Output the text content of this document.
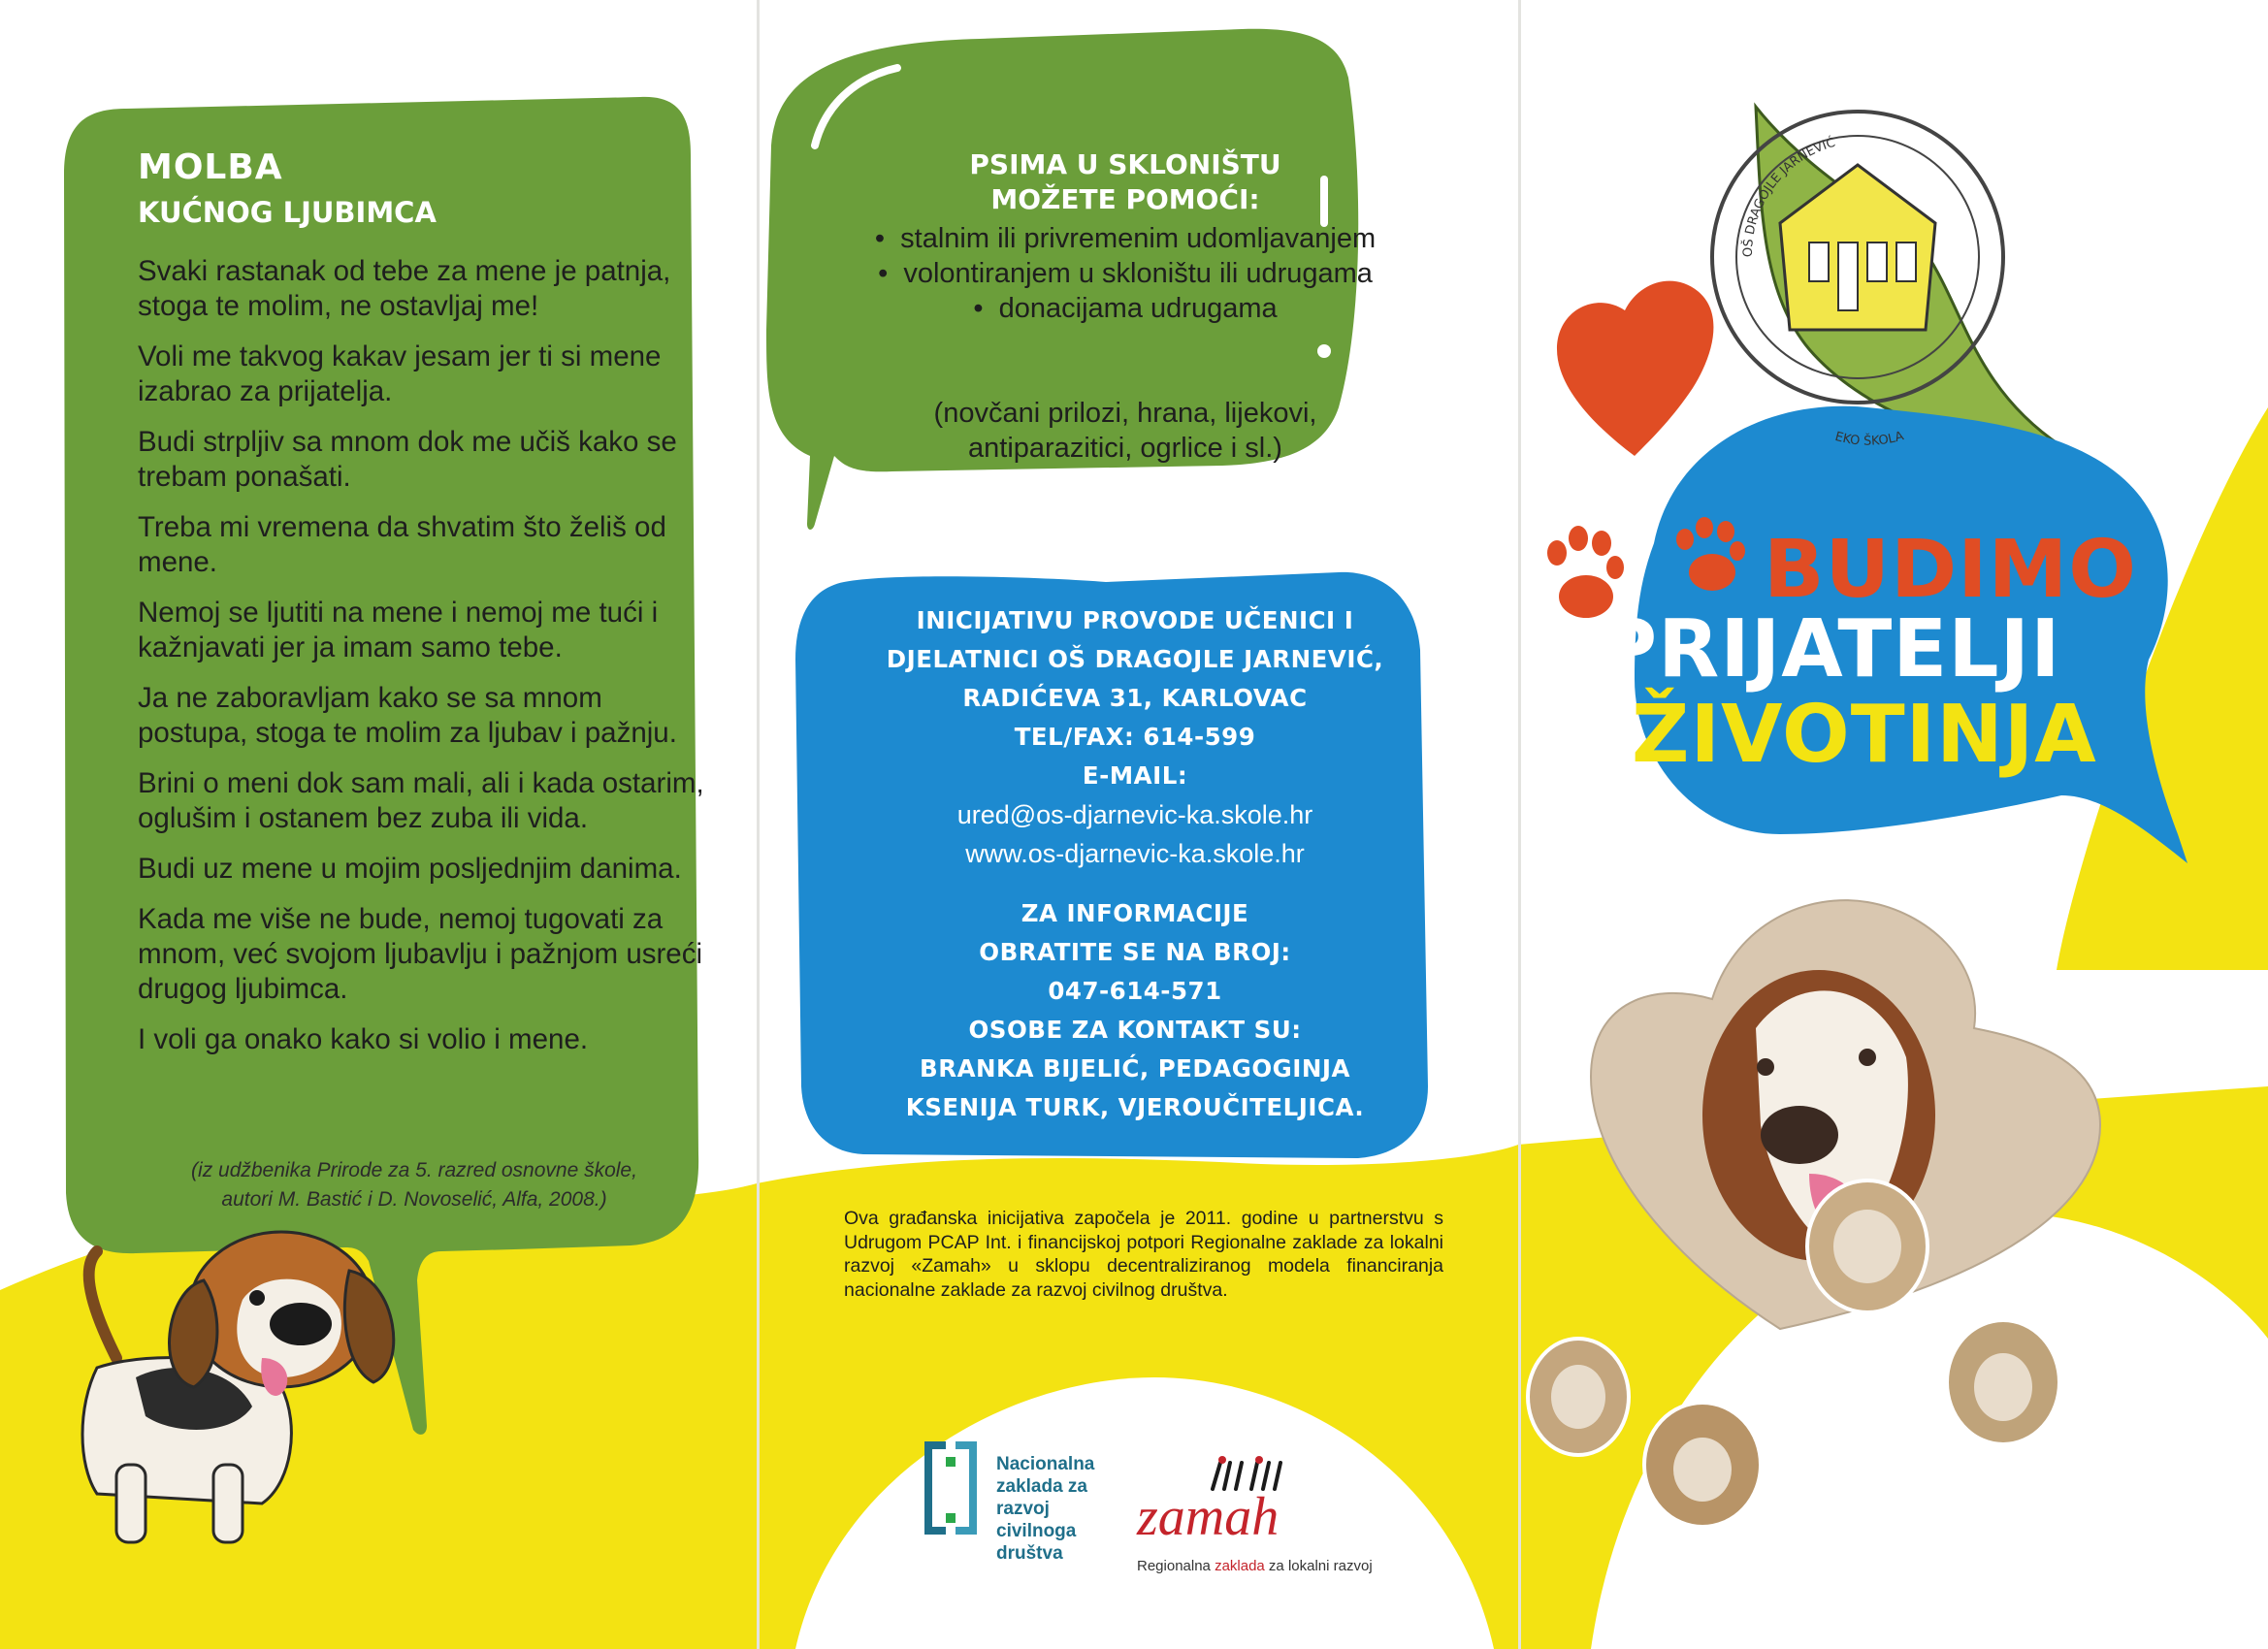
MOLBA
KUĆNOG LJUBIMCA

Svaki rastanak od tebe za mene je patnja, stoga te molim, ne ostavljaj me!

Voli me takvog kakav jesam jer ti si mene izabrao za prijatelja.

Budi strpljiv sa mnom dok me učiš kako se trebam ponašati.

Treba mi vremena da shvatim što želiš od mene.

Nemoj se ljutiti na mene i nemoj me tući i kažnjavati jer ja imam samo tebe.

Ja ne zaboravljam kako se sa mnom postupa, stoga te molim za ljubav i pažnju.

Brini o meni dok sam mali, ali i kada ostarim, oglušim i ostanem bez zuba ili vida.

Budi uz mene u mojim posljednjim danima.

Kada me više ne bude, nemoj tugovati za mnom, već svojom ljubavlju i pažnjom usreći drugog ljubimca.

I voli ga onako kako si volio i mene.

(iz udžbenika Prirode za 5. razred osnovne škole,
autori M. Bastić i D. Novoselić, Alfa, 2008.)
PSIMA U SKLONIŠTU
MOŽETE POMOĆI:
•  stalnim ili privremenim udomljavanjem
•  volontiranjem u skloništu ili udrugama
•  donacijama udrugama
(novčani prilozi, hrana, lijekovi, antiparazitici, ogrlice i sl.)
INICIJATIVU PROVODE UČENICI I
DJELATNICI OŠ DRAGOJLE JARNEVIĆ,
RADIĆEVA 31, KARLOVAC
TEL/FAX: 614-599
E-MAIL:
ured@os-djarnevic-ka.skole.hr
www.os-djarnevic-ka.skole.hr
ZA INFORMACIJE
OBRATITE SE NA BROJ:
047-614-571
OSOBE ZA KONTAKT SU:
BRANKA BIJELIĆ, PEDAGOGINJA
KSENIJA TURK, VJEROUČITELJICA.
Ova građanska inicijativa započela je 2011. godine u partnerstvu s Udrugom PCAP Int. i financijskoj potpori Regionalne zaklade za lokalni razvoj «Zamah» u sklopu decentraliziranog modela financiranja nacionalne zaklade za razvoj civilnog društva.
Nacionalna
zaklada za
razvoj
civilnoga
društva
zamah
Regionalna zaklada za lokalni razvoj
OŠ DRAGOJLE JARNEVIĆ
EKO ŠKOLA
BUDIMO
PRIJATELJI
ŽIVOTINJA
